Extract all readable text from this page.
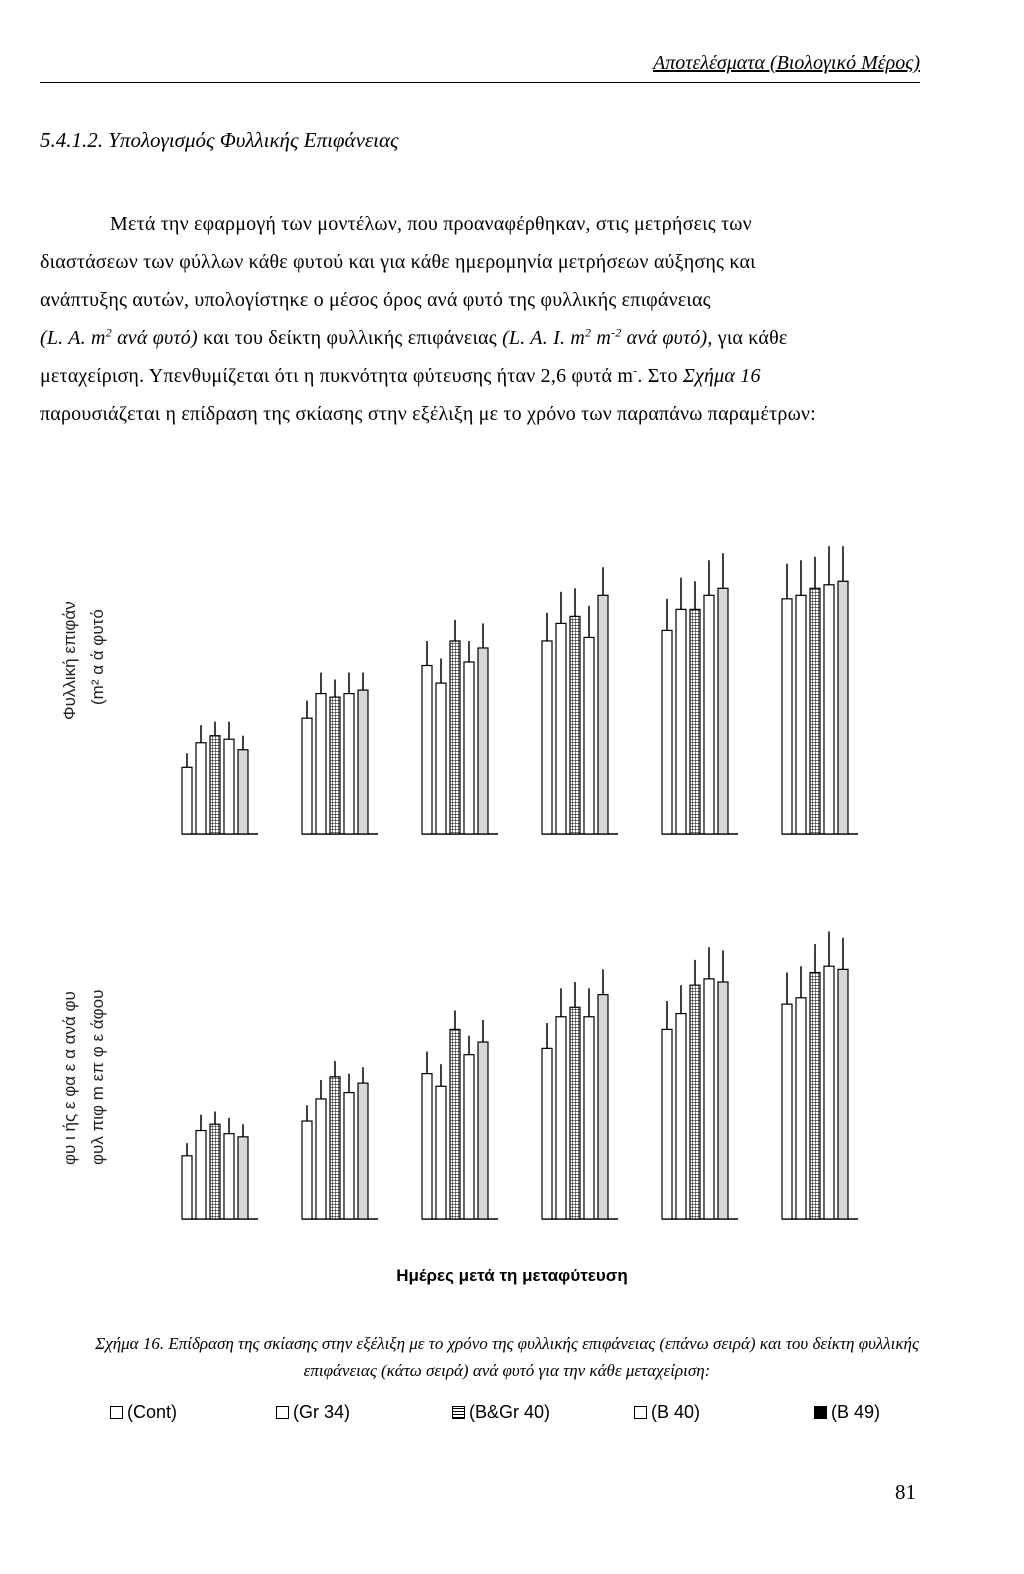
Αποτελέσματα (Βιολογικό Μέρος)
5.4.1.2. Υπολογισμός Φυλλικής Επιφάνειας

Μετά την εφαρμογή των μοντέλων, που προαναφέρθηκαν, στις μετρήσεις των

διαστάσεων των φύλλων κάθε φυτού και για κάθε ημερομηνία μετρήσεων αύξησης και

ανάπτυξης αυτών, υπολογίστηκε ο μέσος όρος ανά φυτό της φυλλικής επιφάνειας

(L. A. $m^2$ ανά φυτό) και του δείκτη φυλλικής επιφάνειας (L. A. I. $m^2$ $m^{-2}$ ανά φυτό), για κάθε

μεταχείριση. Υπενθυμίζεται ότι η πυκνότητα φύτευσης ήταν 2,6 φυτά m-. Στο Σχήμα 16

παρουσιάζεται η επίδραση της σκίασης στην εξέλιξη με το χρόνο των παραπάνω παραμέτρων:

Φυλλική επιφάν (m² α ά φυτό
φυ ι ής ε φα ε α ανά φυ φυλ πιφ m επ φ ε άφου
Ημέρες μετά τη μεταφύτευση
Σχήμα 16. Επίδραση της σκίασης στην εξέλιξη με το χρόνο της φυλλικής επιφάνειας (επάνω σειρά) και του δείκτη φυλλικής επιφάνειας (κάτω σειρά) ανά φυτό για την κάθε μεταχείριση:
(Cont)	(Gr 34)	(B&Gr 40)	(B 40)	(B 49)
81
